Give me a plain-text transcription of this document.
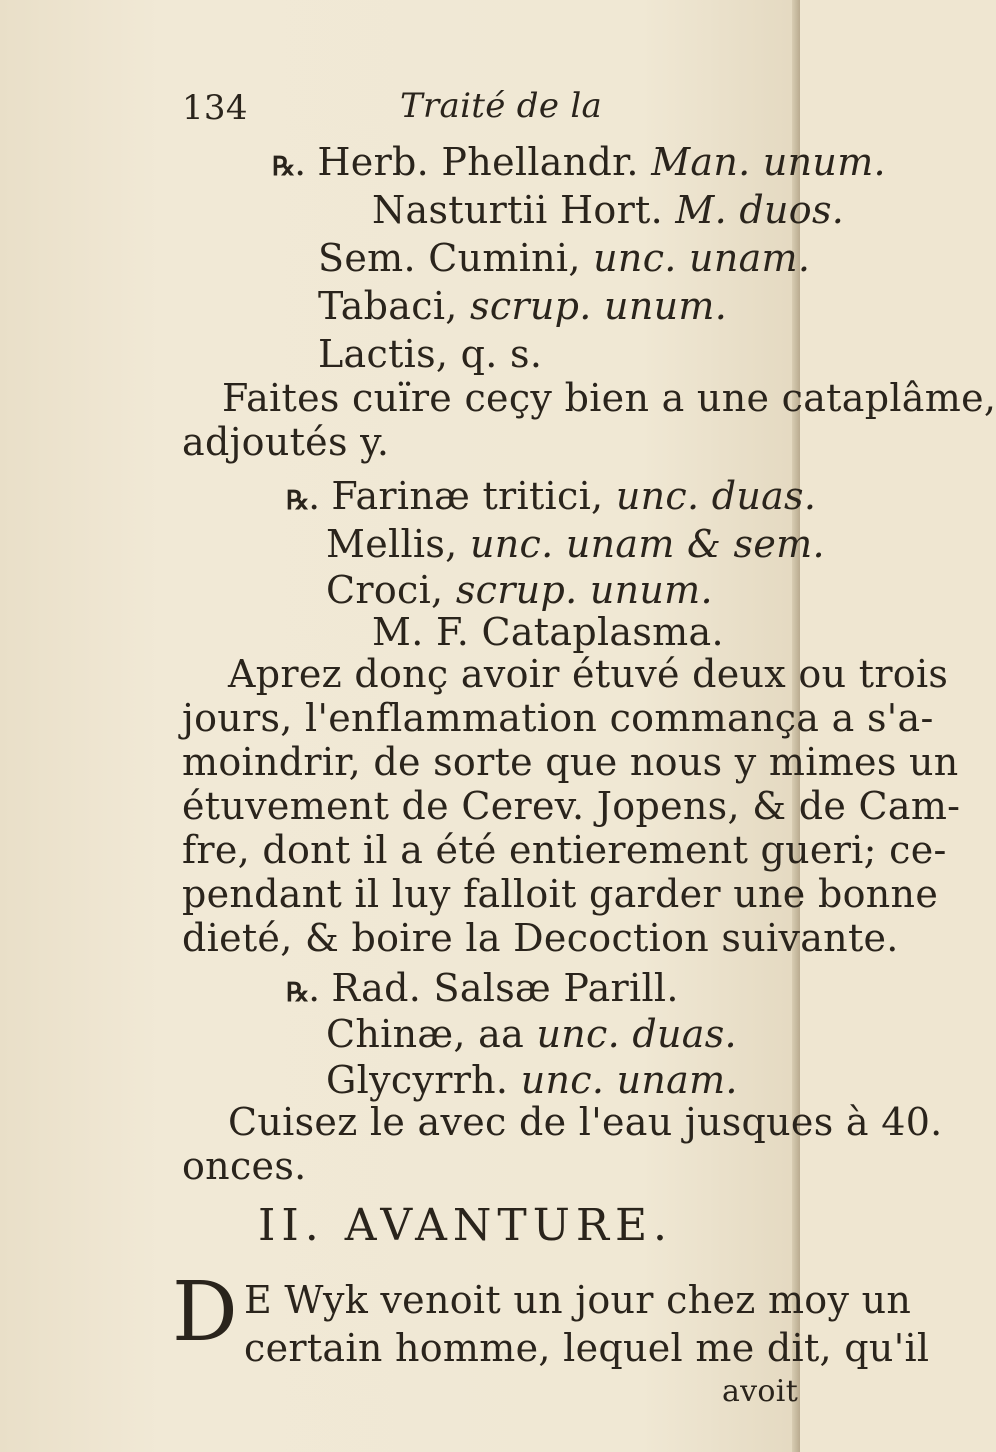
134	Traité de la
℞. Herb. Phellandr. Man. unum.
Nasturtii Hort. M. duos.
Sem. Cumini, unc. unam.
Tabaci, scrup. unum.
Lactis, q. s.
Faites cuïre ceçy bien a une cataplâme,
adjoutés y.
℞. Farinæ tritici, unc. duas.
Mellis, unc. unam & sem.
Croci, scrup. unum.
M. F. Cataplasma.
Aprez donç avoir étuvé deux ou trois
jours, l'enflammation commança a s'a-
moindrir, de sorte que nous y mimes un
étuvement de Cerev. Jopens, & de Cam-
fre, dont il a été entierement gueri; ce-
pendant il luy falloit garder une bonne
dieté, & boire la Decoction suivante.
℞. Rad. Salsæ Parill.
Chinæ, aa unc. duas.
Glycyrrh. unc. unam.
Cuisez le avec de l'eau jusques à 40.
onces.
II. AVANTURE.
D E Wyk venoit un jour chez moy un
certain homme, lequel me dit, qu'il
avoit
